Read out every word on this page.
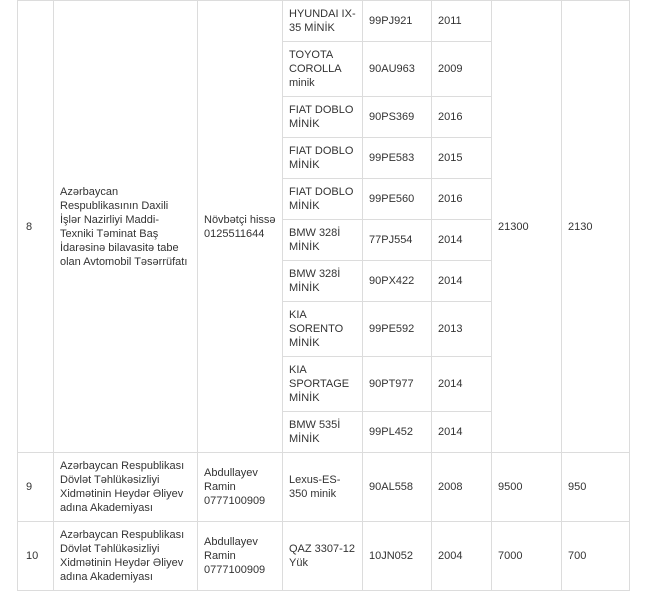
8	Azərbaycan Respublikasının Daxili İşlər Nazirliyi Maddi-Texniki Təminat Baş İdarəsinə bilavasitə tabe olan Avtomobil Təsərrüfatı	Növbətçi hissə 0125511644	HYUNDAI IX-35 MİNİK	99PJ921	2011	21300	2130
			TOYOTA COROLLA minik	90AU963	2009		
			FIAT DOBLO MİNİK	90PS369	2016		
			FIAT DOBLO MİNİK	99PE583	2015		
			FIAT DOBLO MİNİK	99PE560	2016		
			BMW 328İ MİNİK	77PJ554	2014		
			BMW 328İ MİNİK	90PX422	2014		
			KIA SORENTO MİNİK	99PE592	2013		
			KIA SPORTAGE MİNİK	90PT977	2014		
			BMW 535İ MİNİK	99PL452	2014		
9	Azərbaycan Respublikası Dövlət Təhlükəsizliyi Xidmətinin Heydər Əliyev adına Akademiyası	Abdullayev Ramin 0777100909	Lexus-ES-350 minik	90AL558	2008	9500	950
10	Azərbaycan Respublikası Dövlət Təhlükəsizliyi Xidmətinin Heydər Əliyev adına Akademiyası	Abdullayev Ramin 0777100909	QAZ 3307-12 Yük	10JN052	2004	7000	700
